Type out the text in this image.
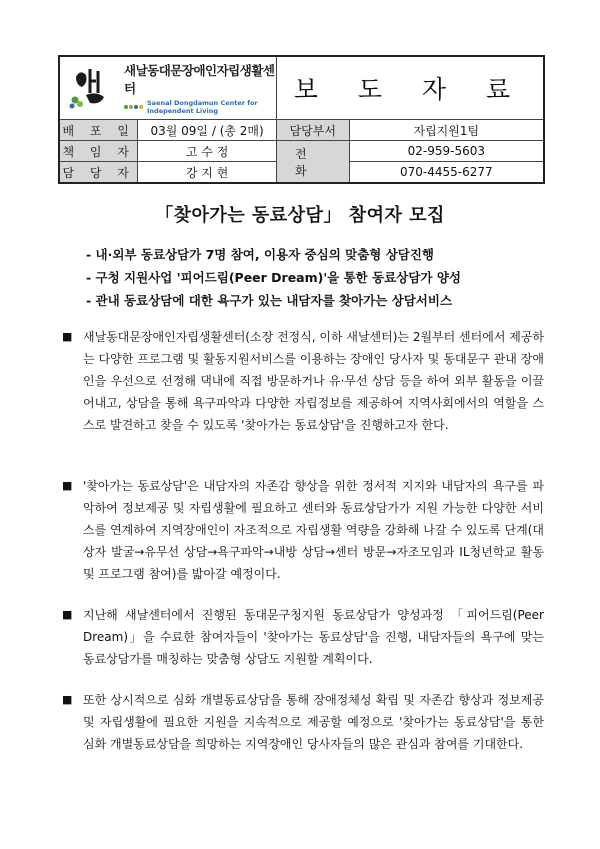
새날동대문장애인자립생활센터
Saenal Dongdamun Center for Independent Living		보 도 자 료	
배 포 일	03월 09일 / (총 2매)	담당부서	자립지원1팀
책 임 자	고 수 정	전 화	02-959-5603
담 당 자	강 지 현		070-4455-6277
「찾아가는 동료상담」 참여자 모집
- 내·외부 동료상담가 7명 참여, 이용자 중심의 맞춤형 상담진행
- 구청 지원사업 '피어드림(Peer Dream)'을 통한 동료상담가 양성
- 관내 동료상담에 대한 욕구가 있는 내담자를 찾아가는 상담서비스
■ 새날동대문장애인자립생활센터(소장 전정식, 이하 새날센터)는 2월부터 센터에서 제공하는 다양한 프로그램 및 활동지원서비스를 이용하는 장애인 당사자 및 동대문구 관내 장애인을 우선으로 선정해 댁내에 직접 방문하거나 유·무선 상담 등을 하여 외부 활동을 이끌어내고, 상담을 통해 욕구파악과 다양한 자립정보를 제공하여 지역사회에서의 역할을 스스로 발견하고 찾을 수 있도록 '찾아가는 동료상담'을 진행하고자 한다.
■ '찾아가는 동료상담'은 내담자의 자존감 향상을 위한 정서적 지지와 내담자의 욕구를 파악하여 정보제공 및 자립생활에 필요하고 센터와 동료상담가가 지원 가능한 다양한 서비스를 연계하여 지역장애인이 자조적으로 자립생활 역량을 강화해 나갈 수 있도록 단계(대상자 발굴→유무선 상담→욕구파악→내방 상담→센터 방문→자조모임과 IL청년학교 활동 및 프로그램 참여)를 밟아갈 예정이다.
■ 지난해 새날센터에서 진행된 동대문구청지원 동료상담가 양성과정 「피어드림(Peer Dream)」을 수료한 참여자들이 '찾아가는 동료상담'을 진행, 내담자들의 욕구에 맞는 동료상담가를 매칭하는 맞춤형 상담도 지원할 계획이다.
■ 또한 상시적으로 심화 개별동료상담을 통해 장애정체성 확립 및 자존감 향상과 정보제공 및 자립생활에 필요한 지원을 지속적으로 제공할 예정으로 '찾아가는 동료상담'을 통한 심화 개별동료상담을 희망하는 지역장애인 당사자들의 많은 관심과 참여를 기대한다.
